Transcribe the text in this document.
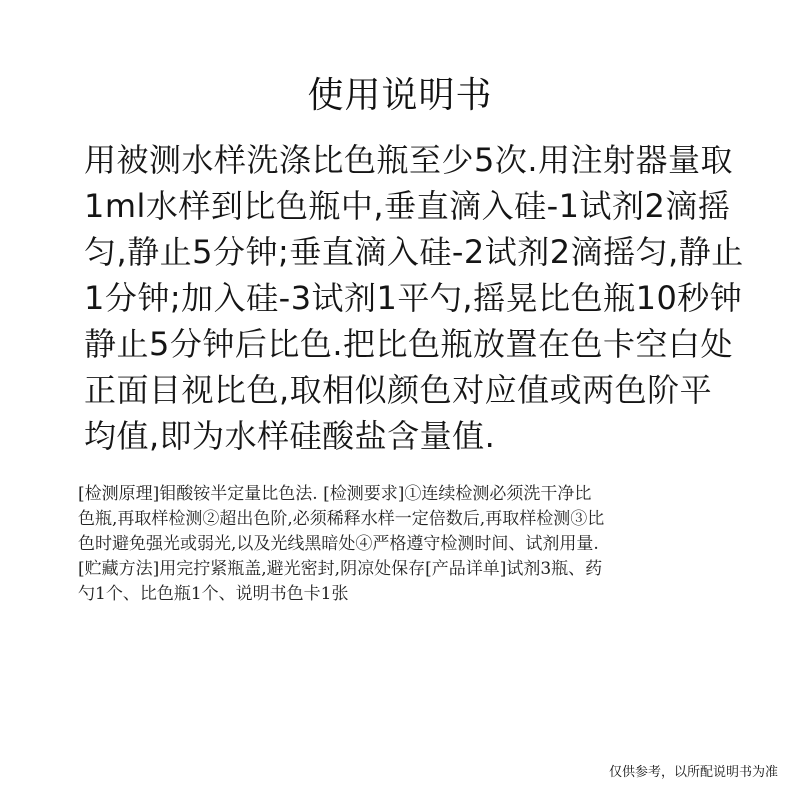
使用说明书
用被测水样洗涤比色瓶至少5次.用注射器量取
1ml水样到比色瓶中,垂直滴入硅-1试剂2滴摇
匀,静止5分钟;垂直滴入硅-2试剂2滴摇匀,静止
1分钟;加入硅-3试剂1平勺,摇晃比色瓶10秒钟
静止5分钟后比色.把比色瓶放置在色卡空白处
正面目视比色,取相似颜色对应值或两色阶平
均值,即为水样硅酸盐含量值.
[检测原理]钼酸铵半定量比色法. [检测要求]①连续检测必须洗干净比
色瓶,再取样检测②超出色阶,必须稀释水样一定倍数后,再取样检测③比
色时避免强光或弱光,以及光线黑暗处④严格遵守检测时间、试剂用量.
[贮藏方法]用完拧紧瓶盖,避光密封,阴凉处保存[产品详单]试剂3瓶、药
勺1个、比色瓶1个、说明书色卡1张
仅供参考，以所配说明书为准
